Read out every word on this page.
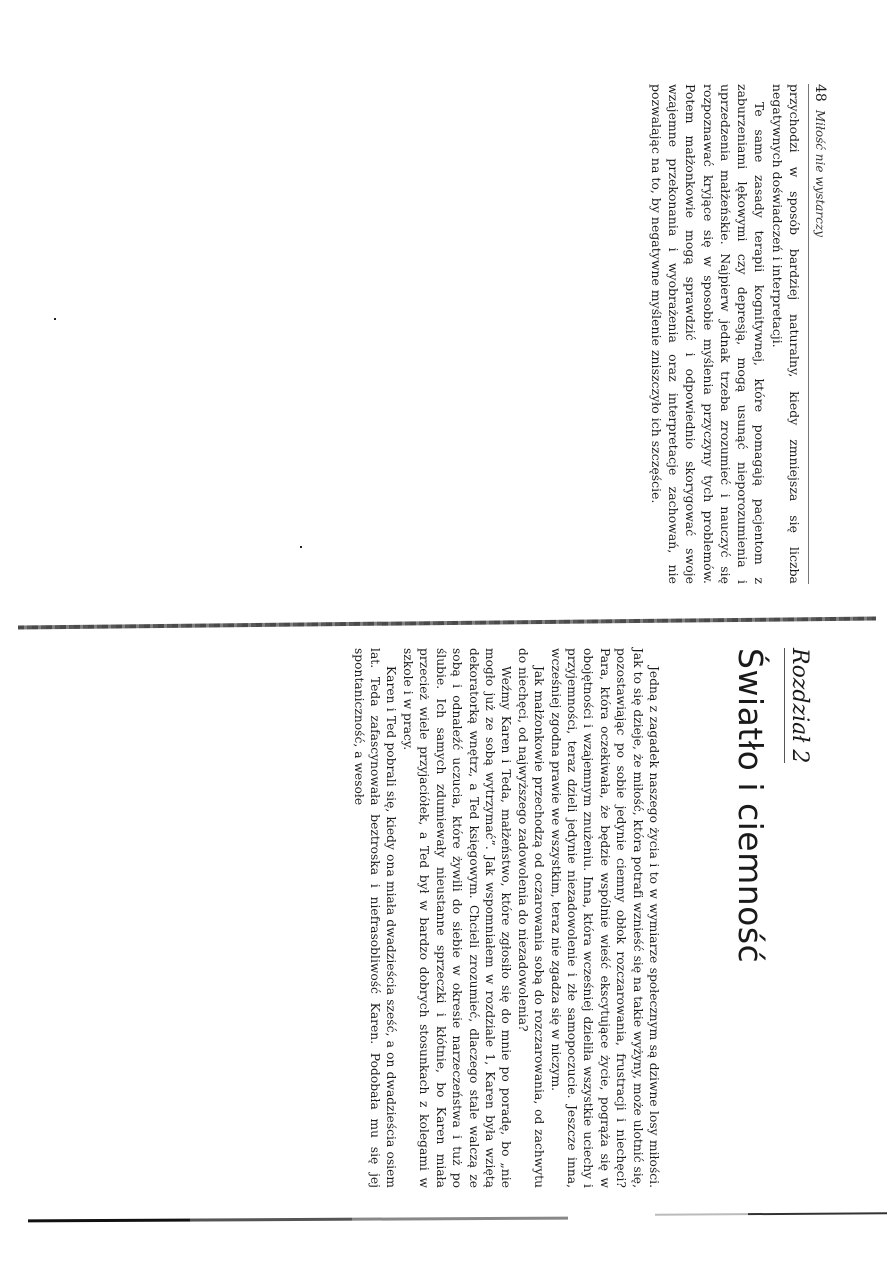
48
Miłość nie wystarczy

przychodzi w sposób bardziej naturalny, kiedy zmniejsza się liczba negatywnych doświadczeń i interpretacji.

Te same zasady terapii kognitywnej, które pomagają pacjentom z zaburzeniami lękowymi czy depresją, mogą usunąć nieporozumienia i uprzedzenia małżeńskie. Najpierw jednak trzeba zrozumieć i nauczyć się rozpoznawać kryjące się w sposobie myślenia przyczyny tych problemów. Potem małżonkowie mogą sprawdzić i odpowiednio skorygować swoje wzajemne przekonania i wyobrażenia oraz interpretacje zachowań, nie pozwalając na to, by negatywne myślenie zniszczyło ich szczęście.

Rozdział 2
Światło i ciemność

Jedną z zagadek naszego życia i to w wymiarze społecznym są dziwne losy miłości. Jak to się dzieje, że miłość, która potrafi wznieść się na takie wyżyny, może ulotnić się, pozostawiając po sobie jedynie ciemny obłok rozczarowania, frustracji i niechęci? Para, która oczekiwała, że będzie wspólnie wieść ekscytujące życie, pogrąża się w obojętności i wzajemnym znużeniu. Inna, która wcześniej dzieliła wszystkie uciechy i przyjemności, teraz dzieli jedynie niezadowolenie i złe samopoczucie. Jeszcze inna, wcześniej zgodna prawie we wszystkim, teraz nie zgadza się w niczym.

Jak małżonkowie przechodzą od oczarowania sobą do rozczarowania, od zachwytu do niechęci, od najwyższego zadowolenia do niezadowolenia?

Weźmy Karen i Teda, małżeństwo, które zgłosiło się do mnie po poradę, bo „nie mogło już ze sobą wytrzymać”. Jak wspomniałem w rozdziale 1, Karen była wziętą dekoratorką wnętrz, a Ted księgowym. Chcieli zrozumieć, dlaczego stale walczą ze sobą i odnaleźć uczucia, które żywili do siebie w okresie narzeczeństwa i tuż po ślubie. Ich samych zdumiewały nieustanne sprzeczki i kłótnie, bo Karen miała przecież wiele przyjaciółek, a Ted był w bardzo dobrych stosunkach z kolegami w szkole i w pracy.

Karen i Ted pobrali się, kiedy ona miała dwadzieścia sześć, a on dwadzieścia osiem lat. Teda zafascynowała beztroska i niefrasobliwość Karen. Podobała mu się jej spontaniczność, a wesołe
